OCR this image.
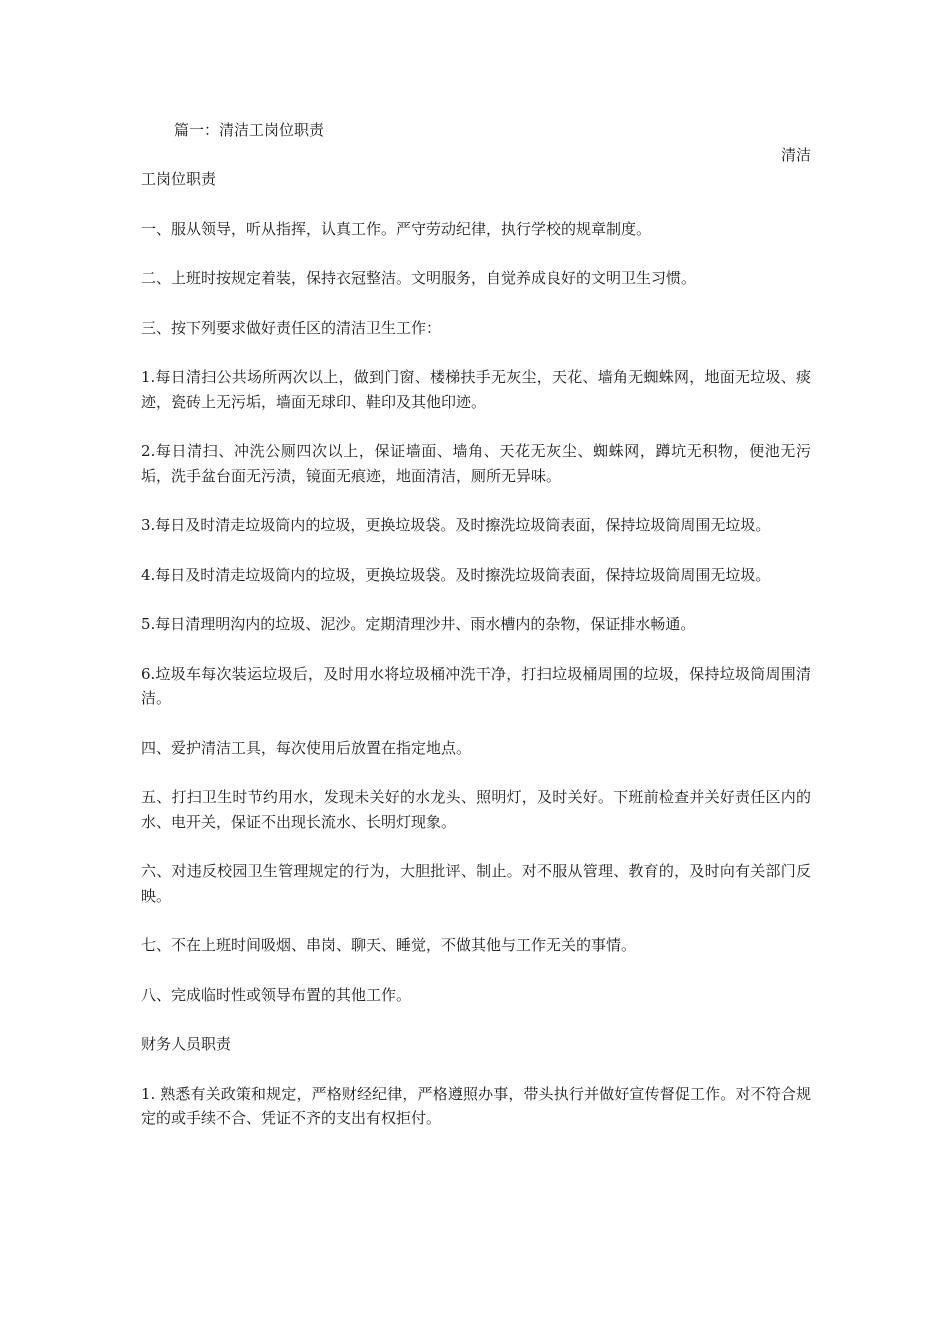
篇一：清洁工岗位职责
清洁
工岗位职责

一、服从领导，听从指挥，认真工作。严守劳动纪律，执行学校的规章制度。

二、上班时按规定着装，保持衣冠整洁。文明服务，自觉养成良好的文明卫生习惯。

三、按下列要求做好责任区的清洁卫生工作：

1.每日清扫公共场所两次以上，做到门窗、楼梯扶手无灰尘，天花、墙角无蜘蛛网，地面无垃圾、痰迹，瓷砖上无污垢，墙面无球印、鞋印及其他印迹。

2.每日清扫、冲洗公厕四次以上，保证墙面、墙角、天花无灰尘、蜘蛛网，蹲坑无积物，便池无污垢，洗手盆台面无污渍，镜面无痕迹，地面清洁，厕所无异味。

3.每日及时清走垃圾筒内的垃圾，更换垃圾袋。及时擦洗垃圾筒表面，保持垃圾筒周围无垃圾。

4.每日及时清走垃圾筒内的垃圾，更换垃圾袋。及时擦洗垃圾筒表面，保持垃圾筒周围无垃圾。

5.每日清理明沟内的垃圾、泥沙。定期清理沙井、雨水槽内的杂物，保证排水畅通。

6.垃圾车每次装运垃圾后，及时用水将垃圾桶冲洗干净，打扫垃圾桶周围的垃圾，保持垃圾筒周围清洁。

四、爱护清洁工具，每次使用后放置在指定地点。

五、打扫卫生时节约用水，发现未关好的水龙头、照明灯，及时关好。下班前检查并关好责任区内的水、电开关，保证不出现长流水、长明灯现象。

六、对违反校园卫生管理规定的行为，大胆批评、制止。对不服从管理、教育的，及时向有关部门反映。

七、不在上班时间吸烟、串岗、聊天、睡觉，不做其他与工作无关的事情。

八、完成临时性或领导布置的其他工作。

财务人员职责

1. 熟悉有关政策和规定，严格财经纪律，严格遵照办事，带头执行并做好宣传督促工作。对不符合规定的或手续不合、凭证不齐的支出有权拒付。
